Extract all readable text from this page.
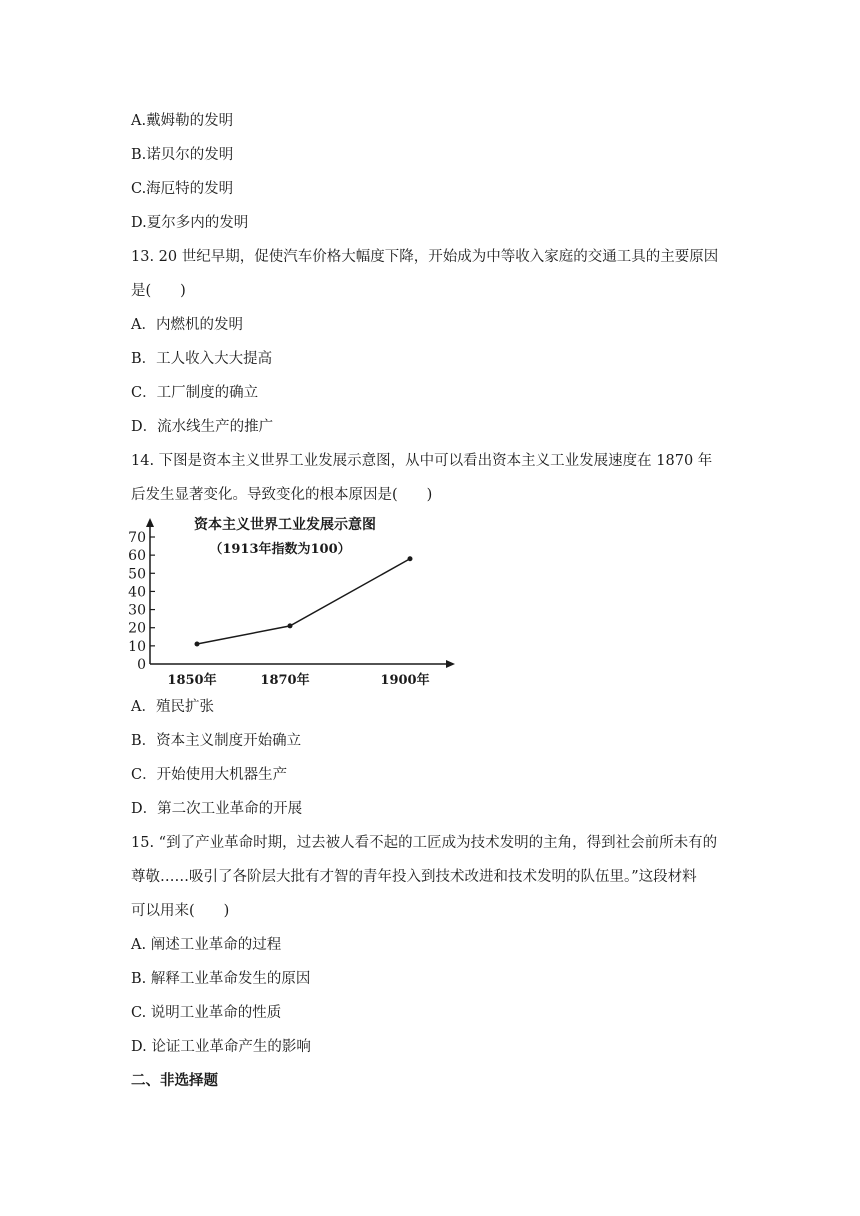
A.戴姆勒的发明
B.诺贝尔的发明
C.海厄特的发明
D.夏尔多内的发明
13. 20 世纪早期，促使汽车价格大幅度下降，开始成为中等收入家庭的交通工具的主要原因
是(　　)
A．内燃机的发明
B．工人收入大大提高
C．工厂制度的确立
D．流水线生产的推广
14. 下图是资本主义世界工业发展示意图，从中可以看出资本主义工业发展速度在 1870 年
后发生显著变化。导致变化的根本原因是(　　)
资本主义世界工业发展示意图
（1913年指数为100）
0
10
20
30
40
50
60
70
1850年	1870年	1900年
A．殖民扩张
B．资本主义制度开始确立
C．开始使用大机器生产
D．第二次工业革命的开展
15. “到了产业革命时期，过去被人看不起的工匠成为技术发明的主角，得到社会前所未有的
尊敬……吸引了各阶层大批有才智的青年投入到技术改进和技术发明的队伍里。”这段材料
可以用来(　　)
A. 阐述工业革命的过程
B. 解释工业革命发生的原因
C. 说明工业革命的性质
D. 论证工业革命产生的影响
二、非选择题
